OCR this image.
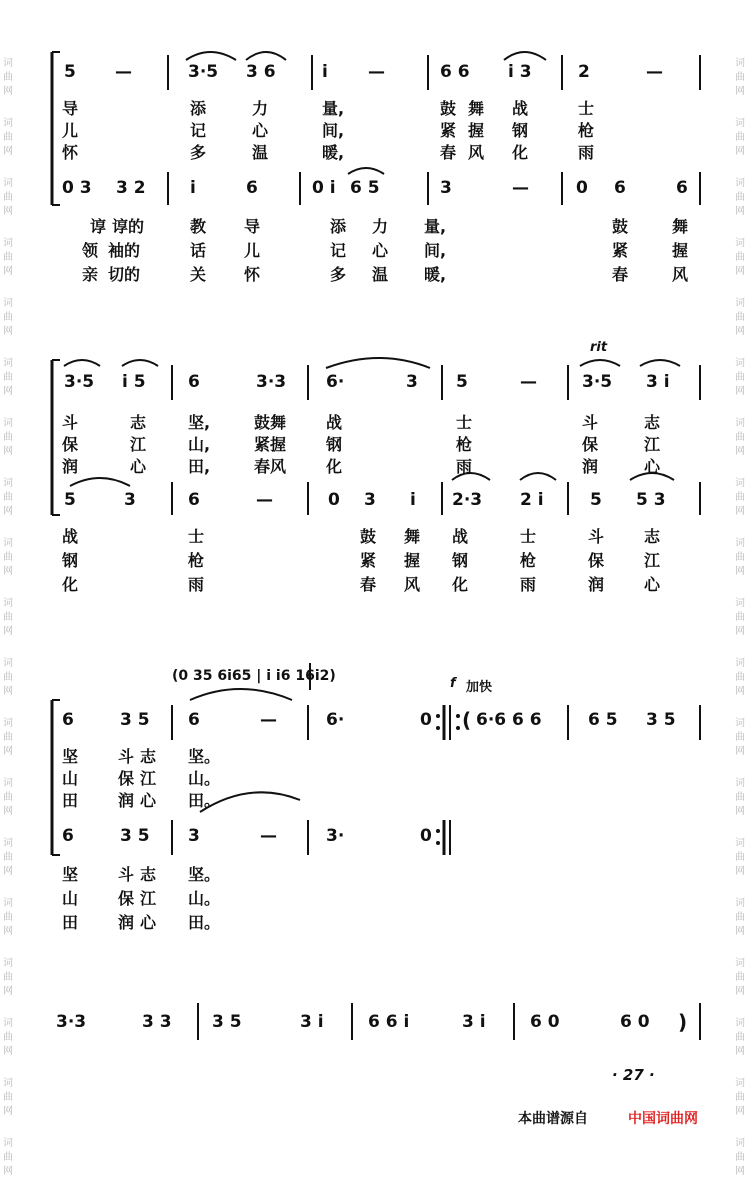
词
曲
网
词
曲
网
词
曲
网
词
曲
网
词
曲
网
词
曲
网
词
曲
网
词
曲
网
词
曲
网
词
曲
网
词
曲
网
词
曲
网
词
曲
网
词
曲
网
词
曲
网
词
曲
网
词
曲
网
词
曲
网
词
曲
网
词
曲
网
词
曲
网
词
曲
网
词
曲
网
词
曲
网
词
曲
网
词
曲
网
词
曲
网
词
曲
网
词
曲
网
词
曲
网
词
曲
网
词
曲
网
词
曲
网
词
曲
网
词
曲
网
词
曲
网
词
曲
网
词
曲
网
5 —	3·5 3 6	i —	6 6 i 3	2	—
导	添	力	量,	鼓 舞 战	士
儿	记	心	间,	紧 握 钢	枪
怀	多	温	暖,	春 风 化	雨
0 3 3 2	i	6	0 i 6 5	3	—	0 6	6
谆 谆的	教 导	添 力 量,	鼓	舞
领 袖的	话 儿	记 心 间,	紧	握
亲 切的	关 怀	多 温 暖,	春	风
rit
3·5 i 5 6	3·3 6·	3 5	—	3·5 3 i
斗	志	坚,	鼓舞 战	士	斗	志
保	江	山,	紧握 钢	枪	保	江
润	心	田,	春风 化	雨	润	心
5	3	6	—	0 3 i 2·3 2 i	5 5 3
战	士	鼓 舞 战	士	斗 志
钢	枪	紧 握 钢	枪	保 江
化	雨	春 风 化	雨	润 心
(0 35 6i65 | i i6 16i2)	f 加快
6	3 5 6	—	6·	0 ( 6·6 6 6	6 5 3 5
坚 斗志 坚。
山 保江 山。
田 润心 田。
6	3 5 3	—	3·	0
坚 斗志 坚。
山 保江 山。
田 润心 田。
3·3	3 3 3 5	3 i	6 6 i	3 i	6 0	6 0 )
· 27 ·
本曲谱源自	中国词曲网
